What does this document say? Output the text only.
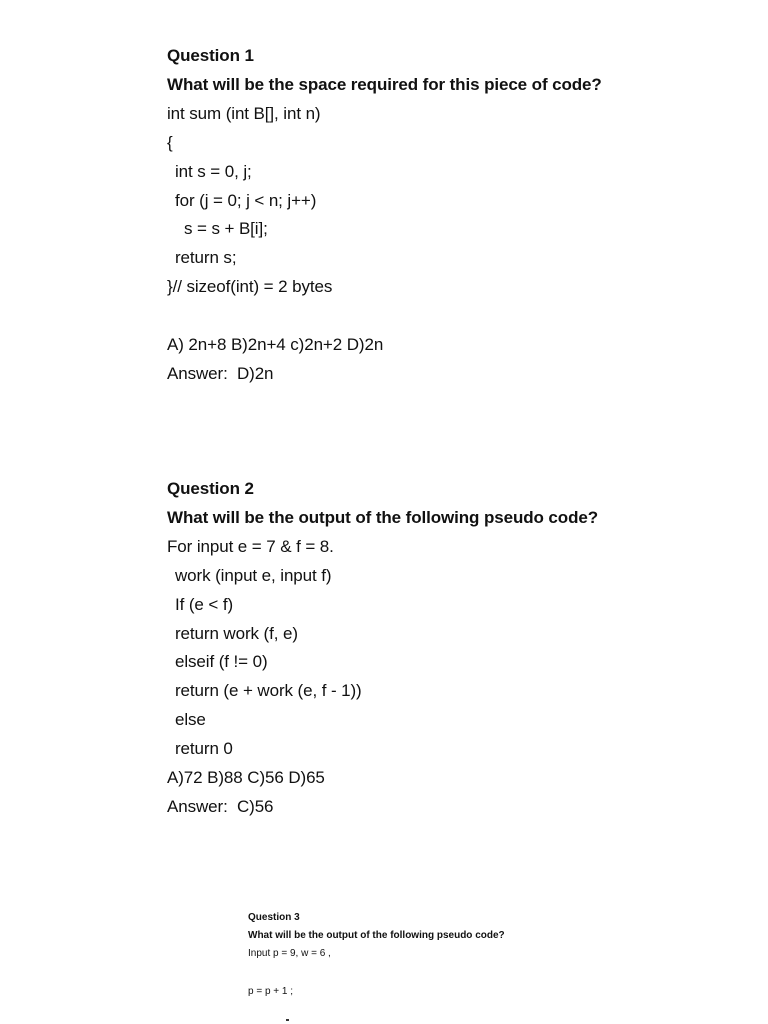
Question 1
What will be the space required for this piece of code?
int sum (int B[], int n)
{
int s = 0, j;
for (j = 0; j < n; j++)
s = s + B[i];
return s;
}// sizeof(int) = 2 bytes
A) 2n+8 B)2n+4 c)2n+2 D)2n
Answer:  D)2n
Question 2
What will be the output of the following pseudo code?
For input e = 7 & f = 8.
work (input e, input f)
If (e < f)
return work (f, e)
elseif (f != 0)
return (e + work (e, f - 1))
else
return 0
A)72 B)88 C)56 D)65
Answer:  C)56
Question 3
What will be the output of the following pseudo code?
Input p = 9, w = 6 ,
p = p + 1 ;
